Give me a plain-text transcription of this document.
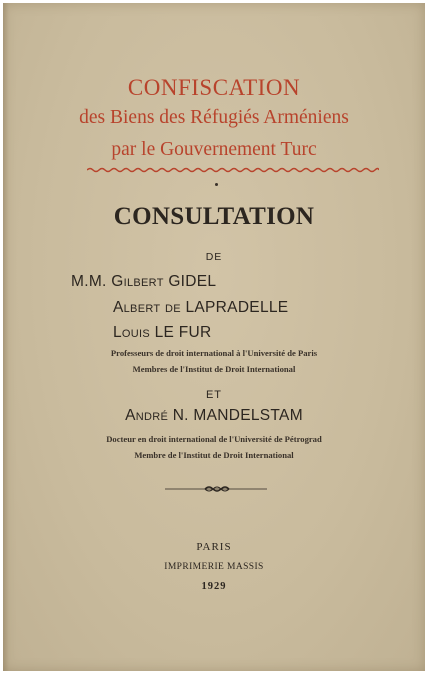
CONFISCATION
des Biens des Réfugiés Arméniens
par le Gouvernement Turc
CONSULTATION
DE
M.M. Gilbert GIDEL
Albert de LAPRADELLE
Louis LE FUR
Professeurs de droit international à l'Université de Paris
Membres de l'Institut de Droit International
ET
André N. MANDELSTAM
Docteur en droit international de l'Université de Pétrograd
Membre de l'Institut de Droit International
PARIS
IMPRIMERIE MASSIS
1929
